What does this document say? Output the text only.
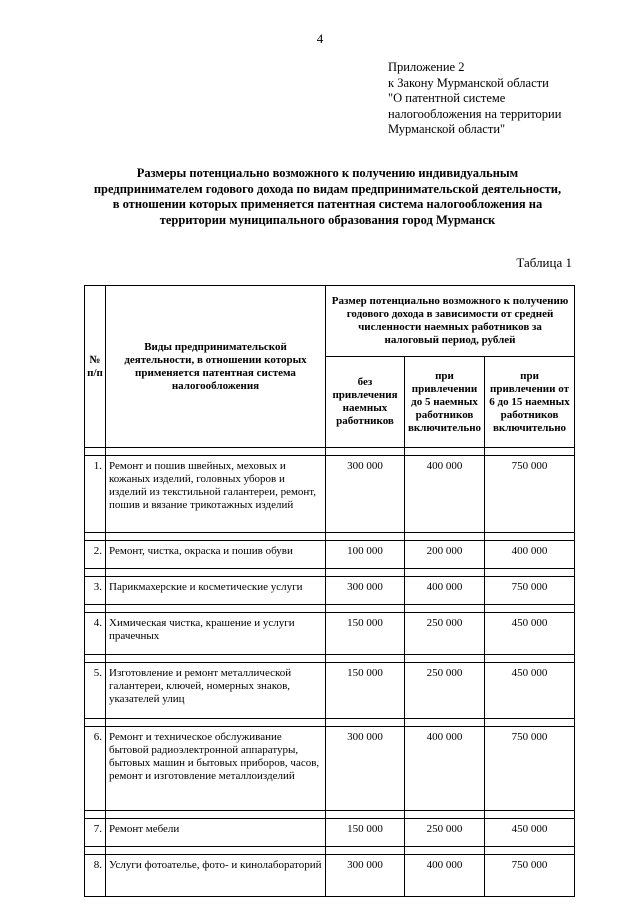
4
Приложение 2
к Закону Мурманской области
"О патентной системе
налогообложения на территории
Мурманской области"
Размеры потенциально возможного к получению индивидуальным
предпринимателем годового дохода по видам предпринимательской деятельности,
в отношении которых применяется патентная система налогообложения на
территории муниципального образования город Мурманск
Таблица 1
№ п/п	Виды предпринимательской деятельности, в отношении которых применяется патентная система налогообложения	Размер потенциально возможного к получению годового дохода в зависимости от средней численности наемных работников за налоговый период, рублей		
		без привлечения наемных работников	при привлечении до 5 наемных работников включительно	при привлечении от 6 до 15 наемных работников включительно

1.	Ремонт и пошив швейных, меховых и кожаных изделий, головных уборов и изделий из текстильной галантереи, ремонт, пошив и вязание трикотажных изделий	300 000	400 000	750 000

2.	Ремонт, чистка, окраска и пошив обуви	100 000	200 000	400 000

3.	Парикмахерские и косметические услуги	300 000	400 000	750 000

4.	Химическая чистка, крашение и услуги прачечных	150 000	250 000	450 000

5.	Изготовление и ремонт металлической галантереи, ключей, номерных знаков, указателей улиц	150 000	250 000	450 000

6.	Ремонт и техническое обслуживание бытовой радиоэлектронной аппаратуры, бытовых машин и бытовых приборов, часов, ремонт и изготовление металлоизделий	300 000	400 000	750 000

7.	Ремонт мебели	150 000	250 000	450 000

8.	Услуги фотоателье, фото- и кинолабораторий	300 000	400 000	750 000
